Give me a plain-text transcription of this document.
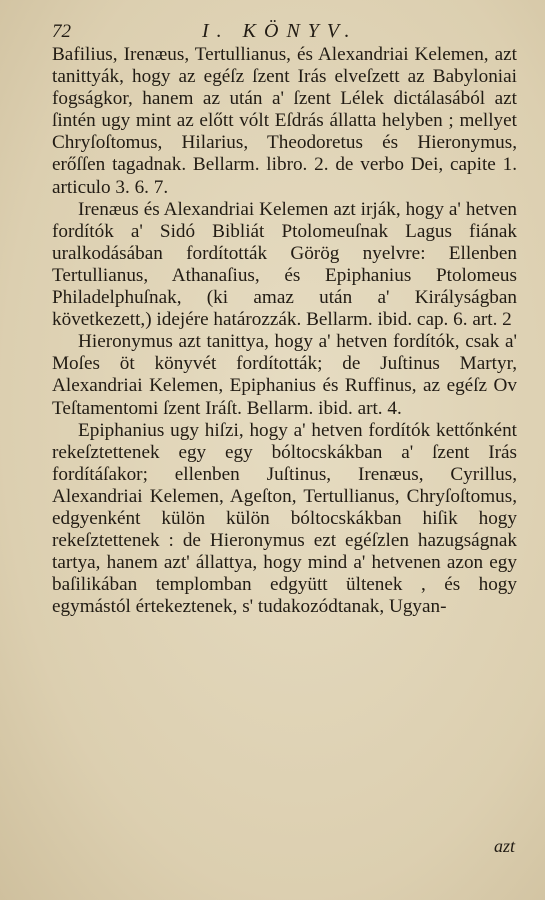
72	I. KÖNYV.

Bafilius, Irenæus, Tertullianus, és Alexandriai Kelemen, azt tanittyák, hogy az egéſz ſzent Irás elveſzett az Babyloniai fogságkor, hanem az után a' ſzent Lélek dictálasából azt ſintén ugy mint az előtt vólt Eſdrás állatta helyben ; mellyet Chryſoſtomus, Hilarius, Theodoretus és Hieronymus, erőſſen tagadnak. Bellarm. libro. 2. de verbo Dei, capite 1. articulo 3. 6. 7.

Irenæus és Alexandriai Kelemen azt irják, hogy a' hetven fordítók a' Sidó Bibliát Ptolomeuſnak Lagus fiának uralkodásában fordították Görög nyelvre: Ellenben Tertullianus, Athanaſius, és Epiphanius Ptolomeus Philadelphuſnak, (ki amaz után a' Királyságban következett,) idejére határozzák. Bellarm. ibid. cap. 6. art. 2

Hieronymus azt tanittya, hogy a' hetven fordítók, csak a' Moſes öt könyvét fordították; de Juſtinus Martyr, Alexandriai Kelemen, Epiphanius és Ruffinus, az egéſz Ov Teſtamentomi ſzent Iráſt. Bellarm. ibid. art. 4.

Epiphanius ugy hiſzi, hogy a' hetven fordítók kettőnként rekeſztettenek egy egy bóltocskákban a' ſzent Irás fordítáſakor; ellenben Juſtinus, Irenæus, Cyrillus, Alexandriai Kelemen, Ageſton, Tertullianus, Chryſoſtomus, edgyenként külön külön bóltocskákban hiſik hogy rekeſztettenek : de Hieronymus ezt egéſzlen hazugságnak tartya, hanem azt' állattya, hogy mind a' hetvenen azon egy baſilikában templomban edgyütt ültenek , és hogy egymástól értekeztenek, s' tudakozódtanak, Ugyan-

azt
